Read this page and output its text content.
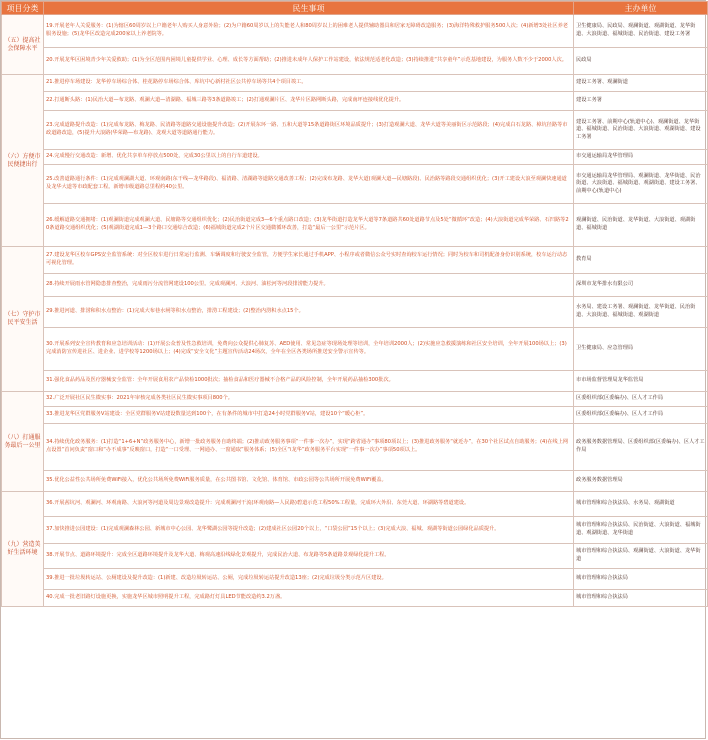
项目分类	民生事项	主办单位
（五）提高社会保障水平	19.开展老年人关爱服务：(1)为辖区60周岁以上户籍老年人购买人身意外险；(2)为户籍60周岁以上的失能老人和80周岁以上的困难老人提供辅助器具和居家无障碍改造服务；(3)海洋特殊救护服务500人次；(4)新增3处社区养老服务设施；(5)龙华区改造完成200家以上养老院等。	卫生健康局、民政局、观澜街道、观湖街道、龙华街道、大浪街道、福城街道、民治街道、建设工务署
	20.开展龙华区困境青少年关爱救助；(1)为全区范围内困境儿童提供学业、心理、成长等方面帮助；(2)推进未成年人保护工作站建设，依法规范适老化改造；(3)持续推进“共享童年”示范基地建设，为服务人数不少于2000人次。	民政局
（六）方便市民便捷出行	21.推进停车场建设：龙华停车场综合体、桂花路停车场综合体、库坑中心新村社区公共停车场等共4个项目竣工。	建设工务署、观澜街道
	22.打通断头路：(1)民治大道—布龙路、观澜大道—清湖路、福城三路等3条道路竣工；(2)打通观澜片区、龙华片区路网断头路，完成南坪连接线优化提升。	建设工务署
	23.完成道路提升改造：(1)完成布龙路、梅龙路、民清路等道路交通设施提升改造；(2)开展东环一路、五和大道等15条道路街区环境品质提升；(3)打造观澜大道、龙华大道等美丽街区示范路段；(4)完成白石龙路、樟坑径路等市政道路改造，(5)提升大浪路(华荣路—布龙路)、龙观大道等道路通行能力。	建设工务署、前期中心(轨道中心)、观澜街道、龙华街道、福城街道、民治街道、大浪街道、观湖街道、建设工务署
	24.完成慢行交通改造：新增、优化共享单车停放点500处，完成30公里以上的自行车道建设。	市交通运输局龙华管理局
	25.改善道路通行条件：(1)完成观澜湖大道、环观南路(东干线—龙华路段)、福清路、清湖路等道路交通改善工程；(2)完成布龙路、龙华大道(观澜大道—民塘路段)、民治路等路段交通组织优化；(3)开工建设大浪至观澜快速通道及龙华大道等市政配套工程。新增市级道路总里程约40公里。	市交通运输局龙华管理局、观澜街道、龙华街道、民治街道、大浪街道、福城街道、观湖街道、建设工务署、前期中心(轨道中心)
	26.缓解道路交通拥堵：(1)观澜街道完成观澜大道、民塘路等交通组织优化；(2)民治街道完成3—6个重点路口改造；(3)龙华街道打造龙华大道等7条道路共60处道路节点及5处“微循环”改造；(4)大浪街道完成华荣路、石凹路等20条道路交通组织优化；(5)观湖街道完成1—3个路口交通综合改造；(6)福城街道完成2个片区交通微循环改善，打造“最后一公里”示范片区。	观澜街道、民治街道、龙华街道、大浪街道、观湖街道、福城街道
（七）守护市民平安生活	27.建设龙华区校车GPS安全监管系统：对全区校车进行日常运行监测、车辆调度和行驶安全监管，方便学生家长通过手机APP、小程序或者微信公众号实时查询校车运行情况；同时为校车和司机配备身份识别系统，校车运行动态可视化管理。	教育局
	28.持续开展雨水管网隐患排查整治，完成雨污分流管网建设100公里。完成观澜河、大浪河、油松河等河段排涝能力提升。	深圳市龙华排水有限公司
	29.推进河道、排涝和积水点整治：(1)完成大布巷水闸等积水点整治，排涝工程建设；(2)整治内涝积水点15个。	水务局、建设工务署、观澜街道、龙华街道、民治街道、大浪街道、福城街道、观湖街道
	30.开展系列安全宣传教育和应急培训活动：(1)开展公众普及性急救培训，免费向公众提供心肺复苏、AED使用、常见急症等现场处理等培训，全年培训2000人；(2)实施应急救援演练和社区安全培训，全年开展100场以上；(3)完成消防宣传进社区、进企业、进学校等1200场以上；(4)完成“安全文化”主题宣传活动24场次，全年在全区各类场所推送安全警示宣传等。	卫生健康局、应急管理局
	31.强化食品药品及医疗器械安全监管：全年开展食用农产品快检1000批次；抽检食品和医疗器械不合格产品的风险控制，全年开展药品抽检300批次。	市市场监督管理局龙华监管局
（八）打通服务最后一公里	32.广泛开展社区民生微实事：2021年审核完成各类社区民生微实事项目800个。	区委组织部(区委编办)、区人才工作局
	33.推进龙华区党群服务V站建设：全区党群服务V站建设数量达到100个，在有条件的城市中打造24小时党群服务V站，建设10个“暖心柜”。	区委组织部(区委编办)、区人才工作局
	34.持续优化政务服务：(1)打造“1+6+N”政务服务中心，新增一批政务服务自助终端；(2)推动政务服务事项“一件事一次办”，实现“跨省通办”事项80项以上；(3)推进政务服务“就近办”，在30个社区试点自助服务；(4)在线上网点设置“首问负责”窗口和“办不成事”反映窗口，打造“一口受理、一网通办、一窗通取”服务体系；(5)全区“i龙华”政务服务平台实现“一件事一次办”事项50项以上。	政务服务数据管理局、区委组织部(区委编办)、区人才工作局
	35.优化公益性公共场所免费WiFi接入，优化公共场所免费WiFi服务质量，在公共图书馆、文化馆、体育馆、市政公园等公共场所开展免费WiFi覆盖。	政务服务数据管理局
（九）营造美好生活环境	36.开展茜坑河、观澜河、环观南路、大浪河等河道及周边景观改造提升：完成观澜河干流(环观南路—人民路)碧道示范工程50%工程量，完成环大外沿、东莞大道、环湖路等碧道建设。	城市管理和综合执法局、水务局、观湖街道
	37.加快推进公园建设：(1)完成观澜森林公园、新城市中心公园、龙华鹭湖公园等提升改造；(2)建成社区公园20个以上，“口袋公园”15个以上；(3)完成大浪、福城、观湖等街道公园绿化品质提升。	城市管理和综合执法局、民治街道、大浪街道、福城街道、观湖街道、龙华街道
	38.开展节点、道路环境提升：完成全区道路环境提升及龙华大道、梅观高速沿线绿化景观提升，完成民治大道、布龙路等5条道路景观绿化提升工程。	城市管理和综合执法局、观澜街道、大浪街道、龙华街道
	39.推进一批垃圾转运站、公厕建设及提升改造：(1)新建、改造垃圾转运站、公厕，完成垃圾转运站提升改造13座；(2)完成垃圾分类示范片区建设。	城市管理和综合执法局
	40.完成一批老旧路灯设施更换，实施龙华区城市照明提升工程，完成路灯灯具LED节能改造约3.2万盏。	城市管理和综合执法局
